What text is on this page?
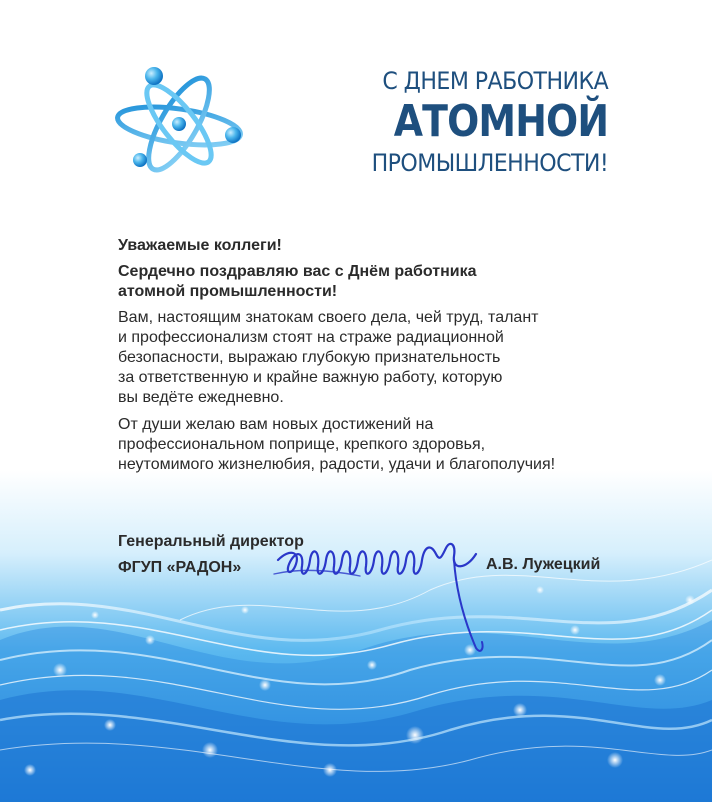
С ДНЕМ РАБОТНИКА
АТОМНОЙ
ПРОМЫШЛЕННОСТИ!

Уважаемые коллеги!

Сердечно поздравляю вас с Днём работника
атомной промышленности!

Вам, настоящим знатокам своего дела, чей труд, талант
и профессионализм стоят на страже радиационной
безопасности, выражаю глубокую признательность
за ответственную и крайне важную работу, которую
вы ведёте ежедневно.

От души желаю вам новых достижений на
профессиональном поприще, крепкого здоровья,
неутомимого жизнелюбия, радости, удачи и благополучия!

Генеральный директор
ФГУП «РАДОН»	А.В. Лужецкий
